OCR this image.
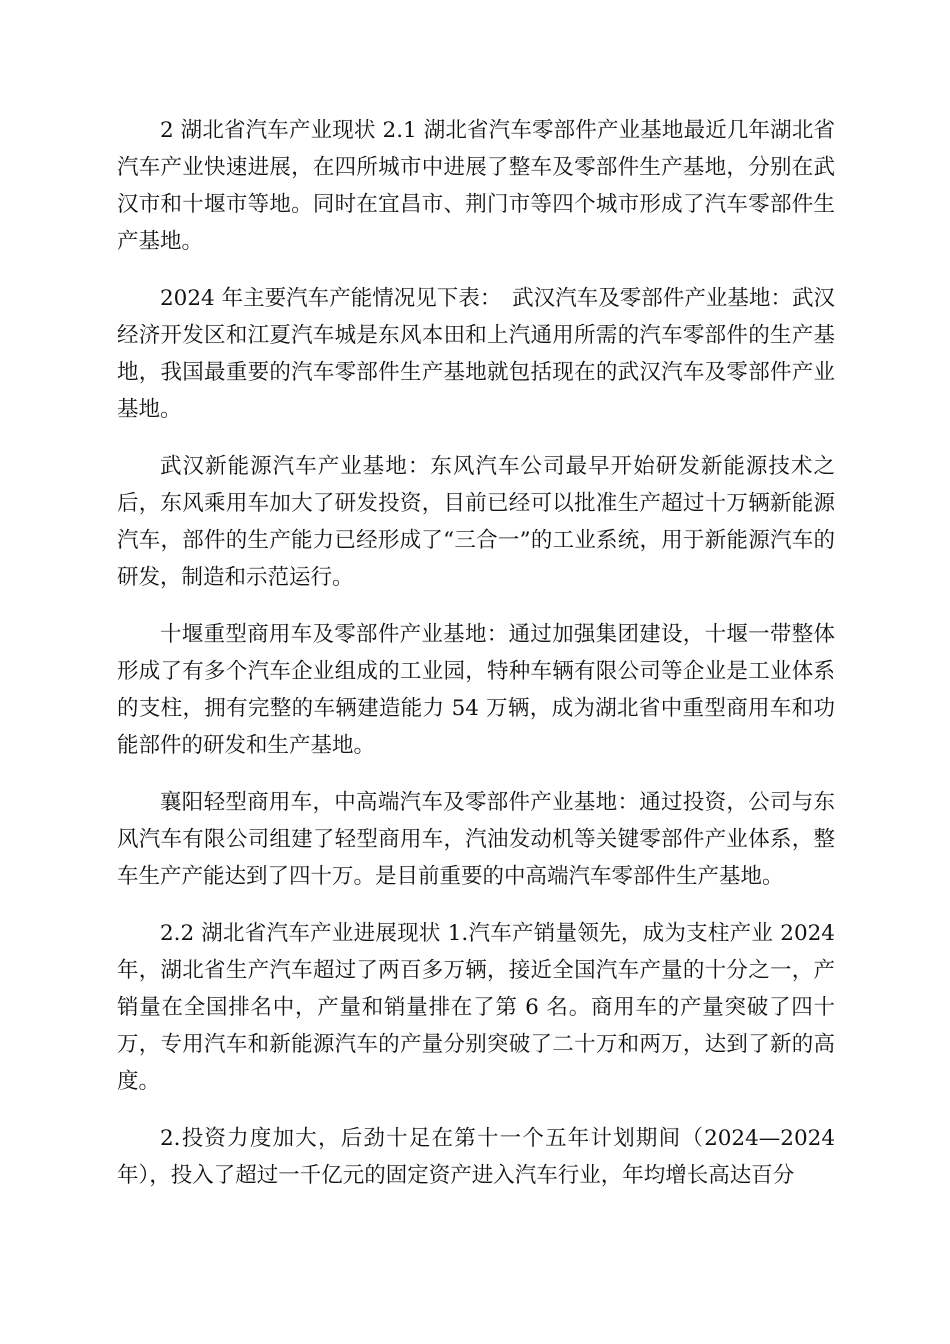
2 湖北省汽车产业现状 2.1 湖北省汽车零部件产业基地最近几年湖北省汽车产业快速进展，在四所城市中进展了整车及零部件生产基地，分别在武汉市和十堰市等地。同时在宜昌市、荆门市等四个城市形成了汽车零部件生产基地。

2024 年主要汽车产能情况见下表：　武汉汽车及零部件产业基地：武汉经济开发区和江夏汽车城是东风本田和上汽通用所需的汽车零部件的生产基地，我国最重要的汽车零部件生产基地就包括现在的武汉汽车及零部件产业基地。

武汉新能源汽车产业基地：东风汽车公司最早开始研发新能源技术之后，东风乘用车加大了研发投资，目前已经可以批准生产超过十万辆新能源汽车，部件的生产能力已经形成了“三合一”的工业系统，用于新能源汽车的研发，制造和示范运行。

十堰重型商用车及零部件产业基地：通过加强集团建设，十堰一带整体形成了有多个汽车企业组成的工业园，特种车辆有限公司等企业是工业体系的支柱，拥有完整的车辆建造能力 54 万辆，成为湖北省中重型商用车和功能部件的研发和生产基地。

襄阳轻型商用车，中高端汽车及零部件产业基地：通过投资，公司与东风汽车有限公司组建了轻型商用车，汽油发动机等关键零部件产业体系，整车生产产能达到了四十万。是目前重要的中高端汽车零部件生产基地。

2.2 湖北省汽车产业进展现状 1.汽车产销量领先，成为支柱产业 2024 年，湖北省生产汽车超过了两百多万辆，接近全国汽车产量的十分之一，产销量在全国排名中，产量和销量排在了第 6 名。商用车的产量突破了四十万，专用汽车和新能源汽车的产量分别突破了二十万和两万，达到了新的高度。

2.投资力度加大，后劲十足在第十一个五年计划期间（2024—2024 年），投入了超过一千亿元的固定资产进入汽车行业，年均增长高达百分
